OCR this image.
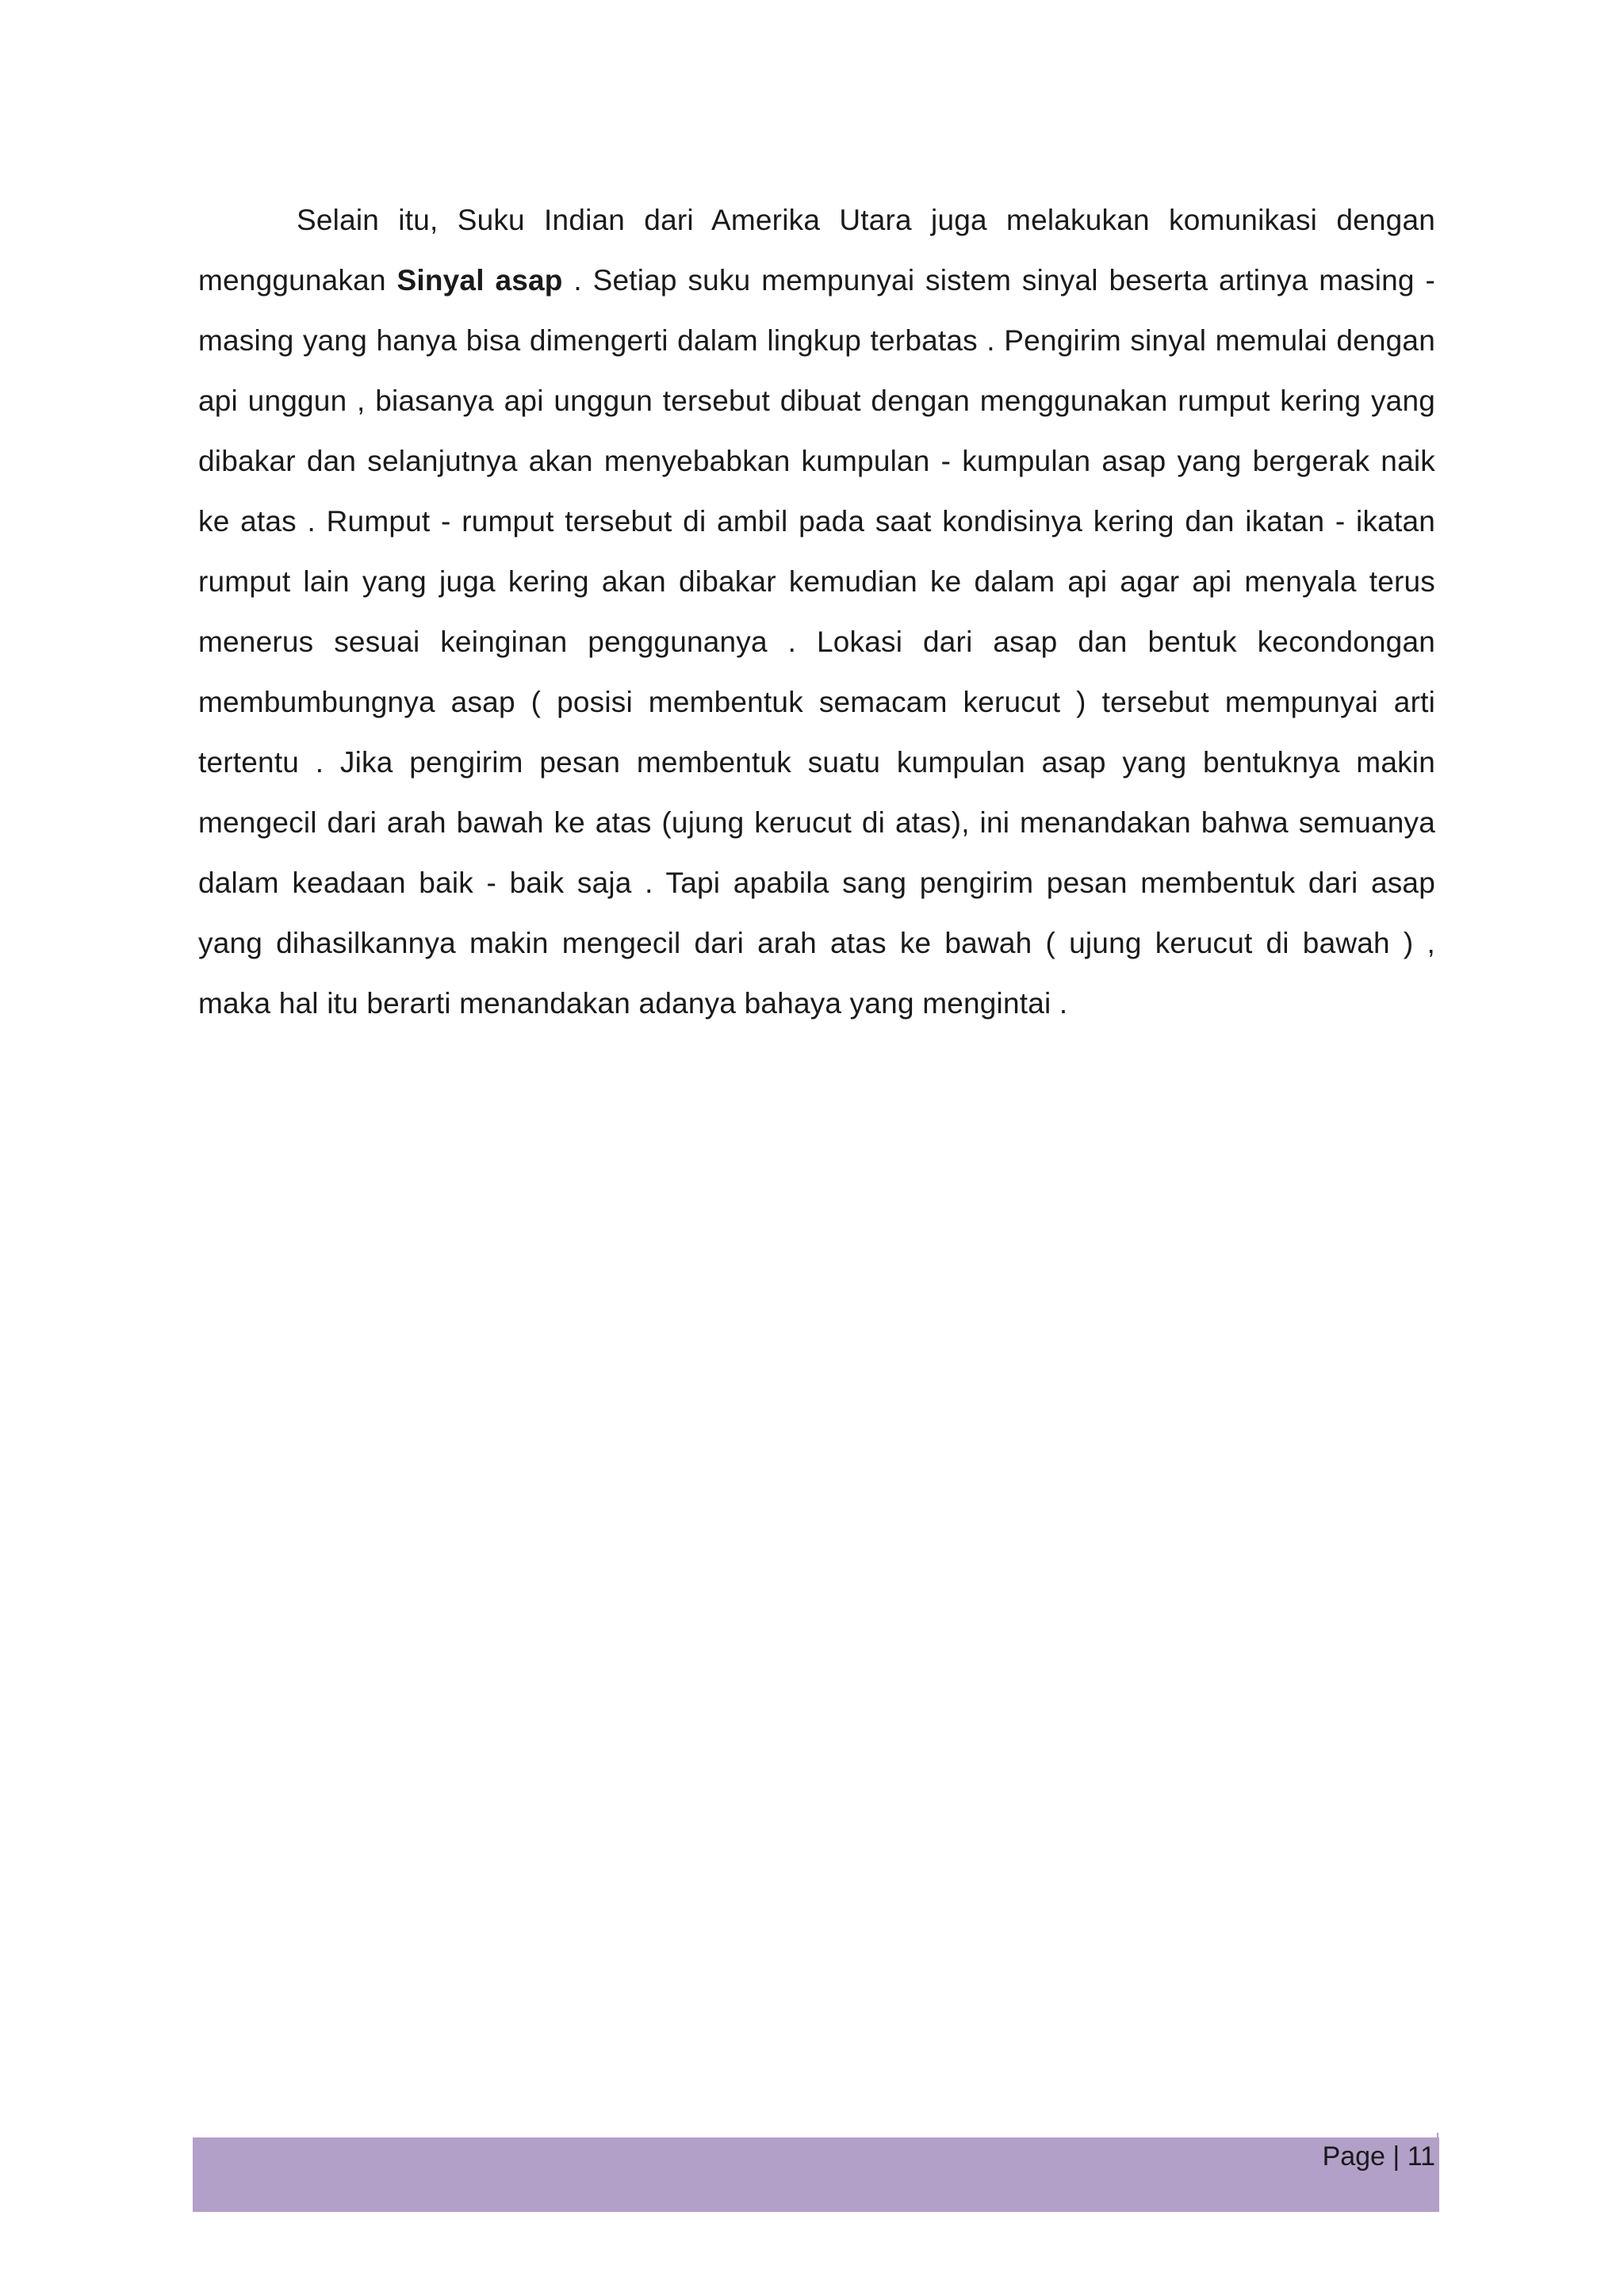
Selain itu, Suku Indian dari Amerika Utara juga melakukan komunikasi dengan menggunakan Sinyal asap . Setiap suku mempunyai sistem sinyal beserta artinya masing - masing yang hanya bisa dimengerti dalam lingkup terbatas . Pengirim sinyal memulai dengan api unggun , biasanya api unggun tersebut dibuat dengan menggunakan rumput kering yang dibakar dan selanjutnya akan menyebabkan kumpulan - kumpulan asap yang bergerak naik ke atas . Rumput - rumput tersebut di ambil pada saat kondisinya kering dan ikatan - ikatan rumput lain yang juga kering akan dibakar kemudian ke dalam api agar api menyala terus menerus sesuai keinginan penggunanya . Lokasi dari asap dan bentuk kecondongan membumbungnya asap ( posisi membentuk semacam kerucut ) tersebut mempunyai arti tertentu . Jika pengirim pesan membentuk suatu kumpulan asap yang bentuknya makin mengecil dari arah bawah ke atas (ujung kerucut di atas), ini menandakan bahwa semuanya dalam keadaan baik - baik saja . Tapi apabila sang pengirim pesan membentuk dari asap yang dihasilkannya makin mengecil dari arah atas ke bawah ( ujung kerucut di bawah ) , maka hal itu berarti menandakan adanya bahaya yang mengintai .

Page | 11
